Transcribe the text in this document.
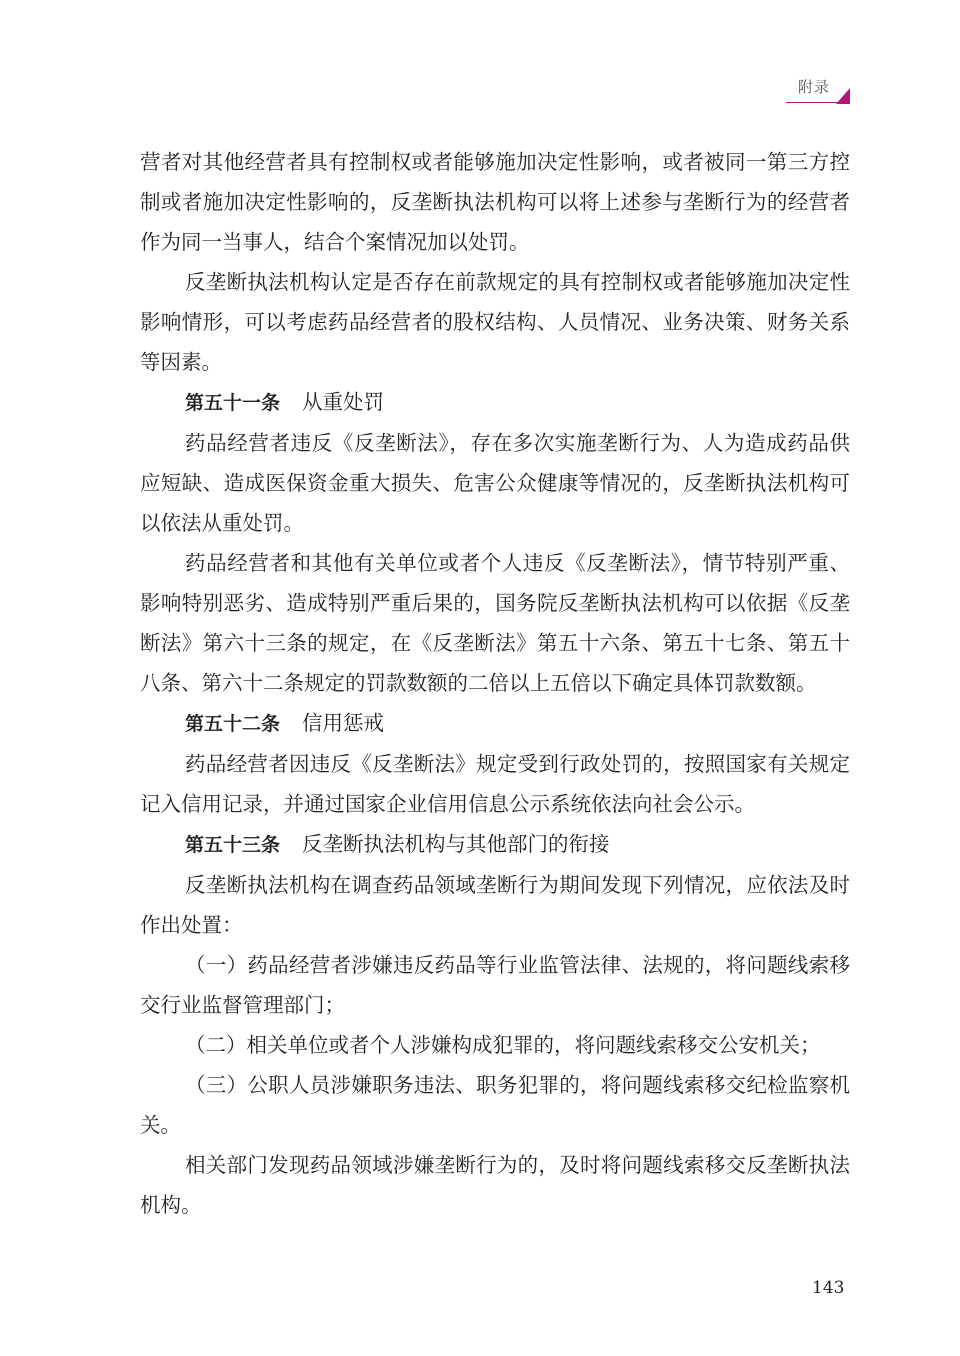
附录

营者对其他经营者具有控制权或者能够施加决定性影响，或者被同一第三方控制或者施加决定性影响的，反垄断执法机构可以将上述参与垄断行为的经营者作为同一当事人，结合个案情况加以处罚。

反垄断执法机构认定是否存在前款规定的具有控制权或者能够施加决定性影响情形，可以考虑药品经营者的股权结构、人员情况、业务决策、财务关系等因素。

第五十一条 从重处罚

药品经营者违反《反垄断法》，存在多次实施垄断行为、人为造成药品供应短缺、造成医保资金重大损失、危害公众健康等情况的，反垄断执法机构可以依法从重处罚。

药品经营者和其他有关单位或者个人违反《反垄断法》，情节特别严重、影响特别恶劣、造成特别严重后果的，国务院反垄断执法机构可以依据《反垄断法》第六十三条的规定，在《反垄断法》第五十六条、第五十七条、第五十八条、第六十二条规定的罚款数额的二倍以上五倍以下确定具体罚款数额。

第五十二条 信用惩戒

药品经营者因违反《反垄断法》规定受到行政处罚的，按照国家有关规定记入信用记录，并通过国家企业信用信息公示系统依法向社会公示。

第五十三条 反垄断执法机构与其他部门的衔接

反垄断执法机构在调查药品领域垄断行为期间发现下列情况，应依法及时作出处置：

（一）药品经营者涉嫌违反药品等行业监管法律、法规的，将问题线索移交行业监督管理部门；

（二）相关单位或者个人涉嫌构成犯罪的，将问题线索移交公安机关；

（三）公职人员涉嫌职务违法、职务犯罪的，将问题线索移交纪检监察机关。

相关部门发现药品领域涉嫌垄断行为的，及时将问题线索移交反垄断执法机构。

143
